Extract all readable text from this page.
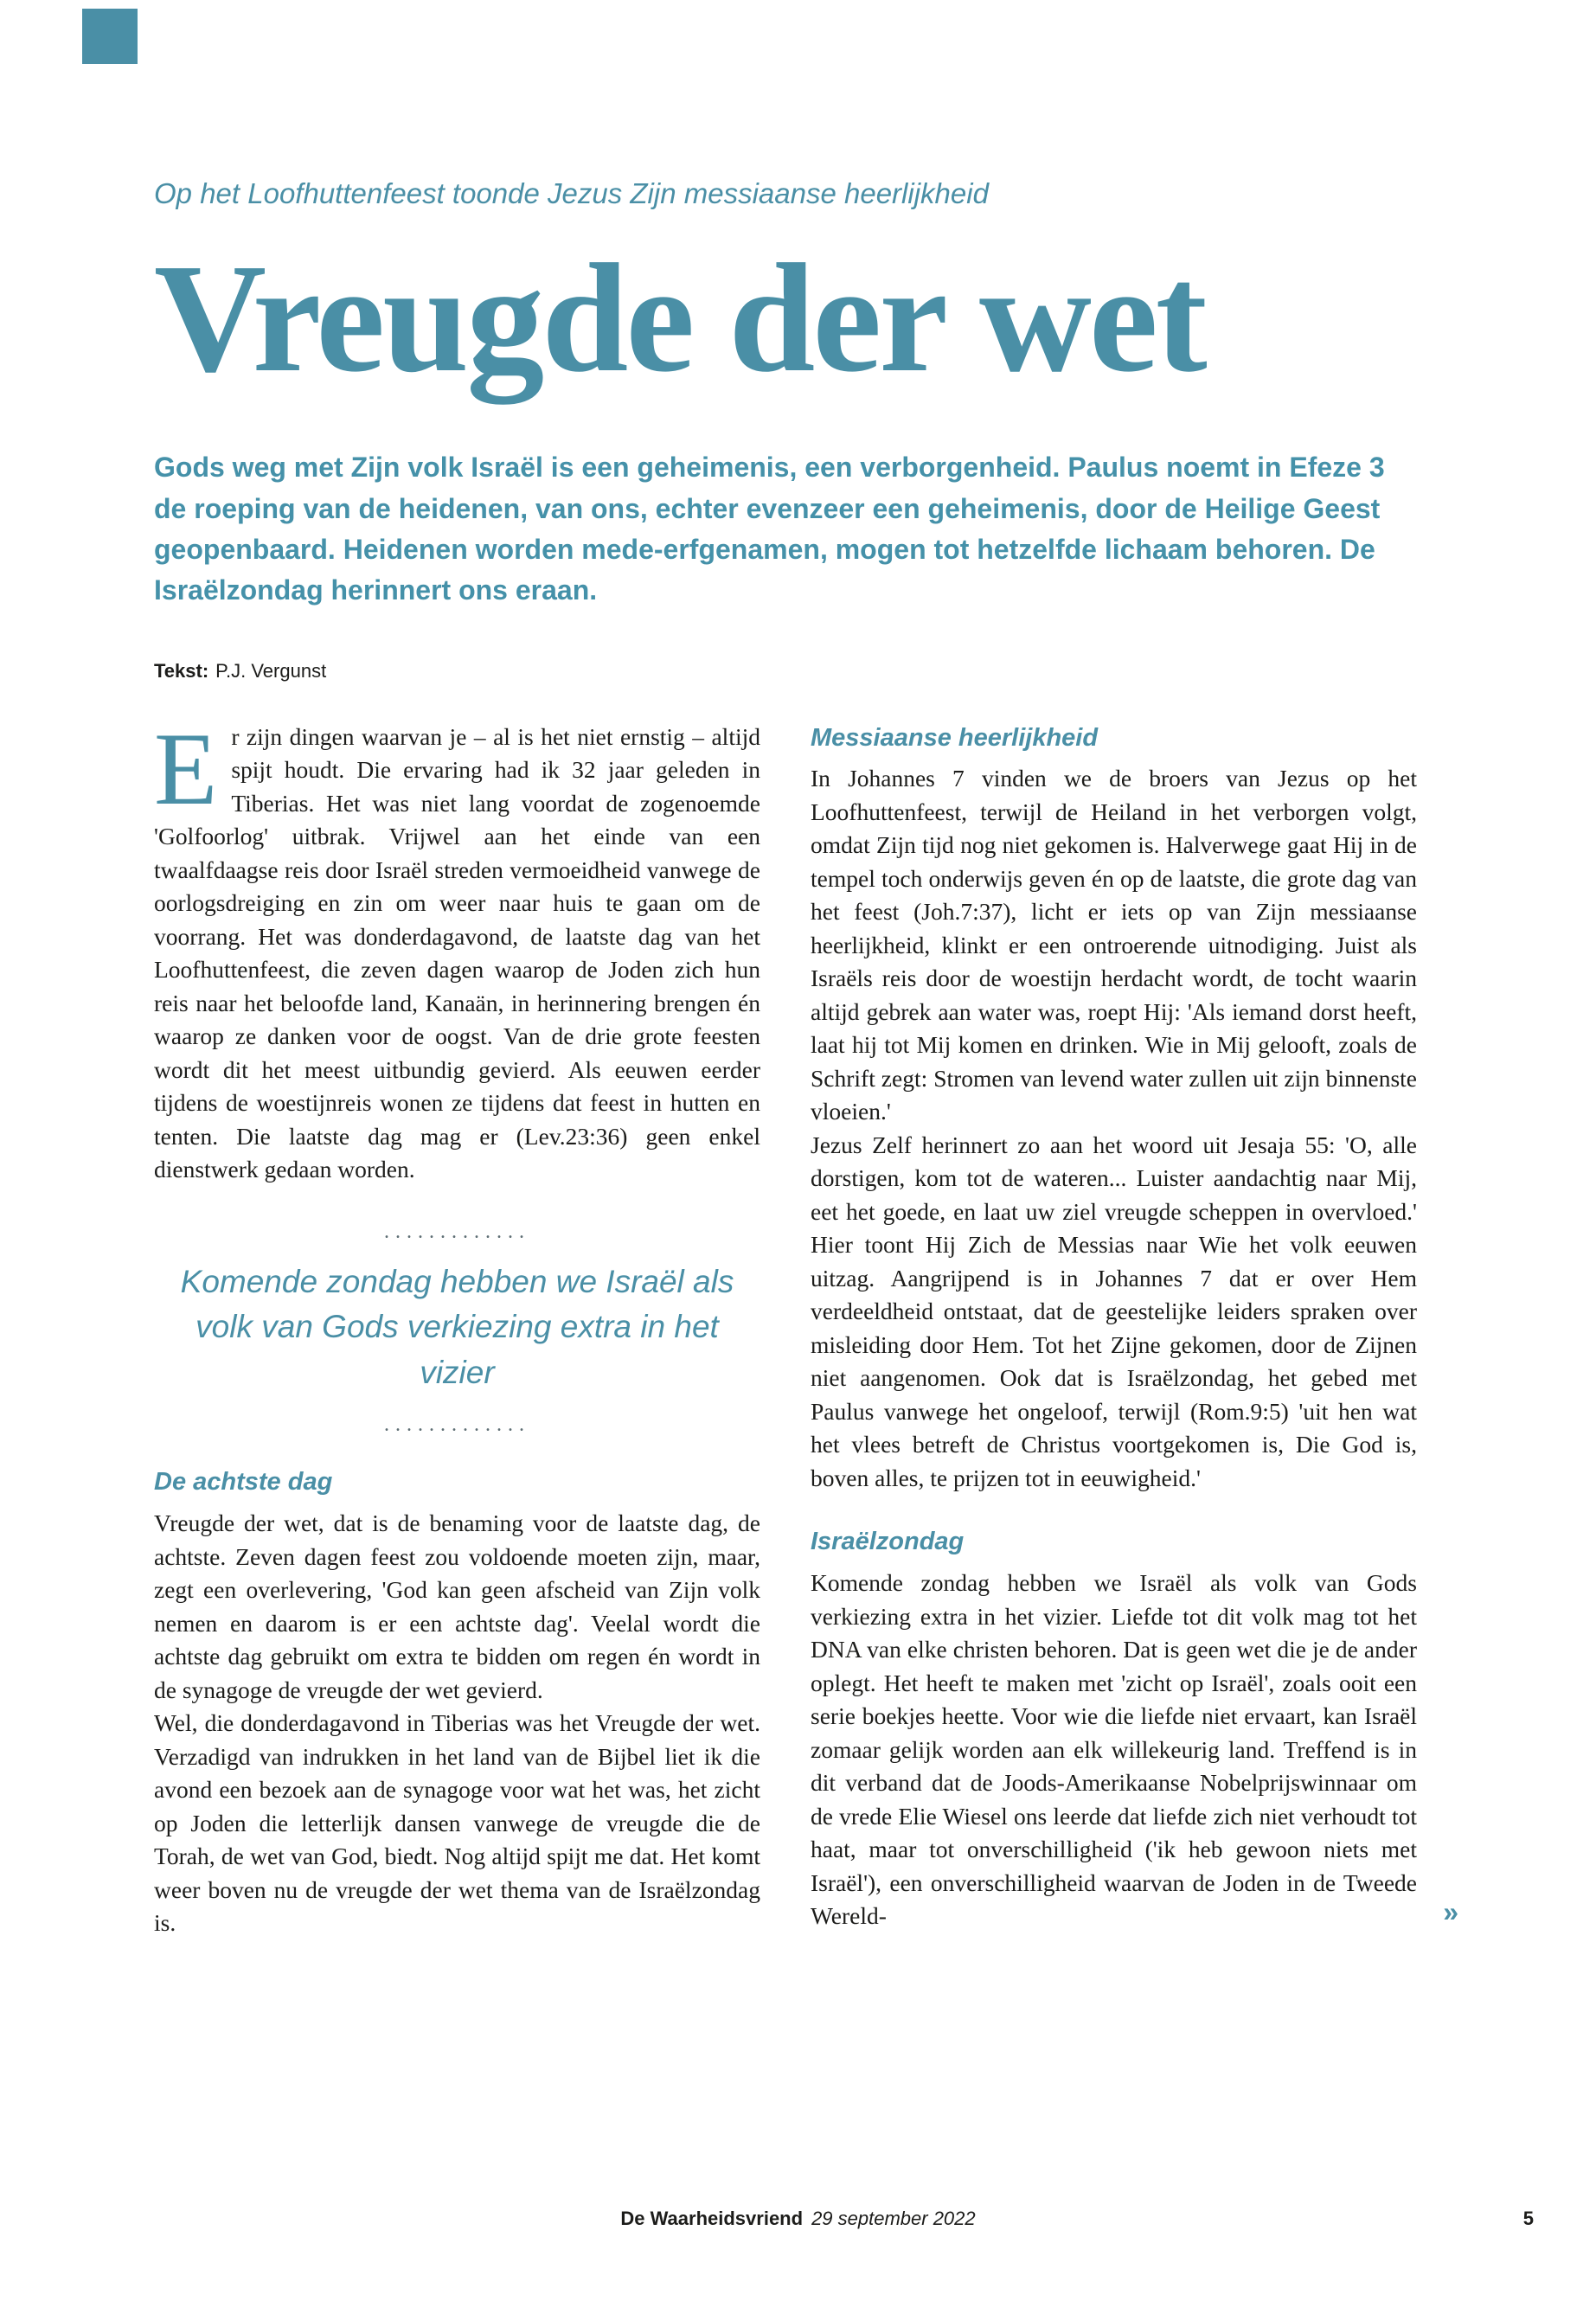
Op het Loofhuttenfeest toonde Jezus Zijn messiaanse heerlijkheid
Vreugde der wet

Gods weg met Zijn volk Israël is een geheimenis, een verborgenheid. Paulus noemt in Efeze 3 de roeping van de heidenen, van ons, echter evenzeer een geheimenis, door de Heilige Geest geopenbaard. Heidenen worden mede-erfgenamen, mogen tot hetzelfde lichaam behoren. De Israëlzondag herinnert ons eraan.

Tekst: P.J. Vergunst

Er zijn dingen waarvan je – al is het niet ernstig – altijd spijt houdt. Die ervaring had ik 32 jaar geleden in Tiberias. Het was niet lang voordat de zogenoemde 'Golfoorlog' uitbrak. Vrijwel aan het einde van een twaalfdaagse reis door Israël streden vermoeidheid vanwege de oorlogsdreiging en zin om weer naar huis te gaan om de voorrang. Het was donderdagavond, de laatste dag van het Loofhuttenfeest, die zeven dagen waarop de Joden zich hun reis naar het beloofde land, Kanaän, in herinnering brengen én waarop ze danken voor de oogst. Van de drie grote feesten wordt dit het meest uitbundig gevierd. Als eeuwen eerder tijdens de woestijnreis wonen ze tijdens dat feest in hutten en tenten. Die laatste dag mag er (Lev.23:36) geen enkel dienstwerk gedaan worden.

.............
Komende zondag hebben we Israël als volk van Gods verkiezing extra in het vizier
.............
De achtste dag

Vreugde der wet, dat is de benaming voor de laatste dag, de achtste. Zeven dagen feest zou voldoende moeten zijn, maar, zegt een overlevering, 'God kan geen afscheid van Zijn volk nemen en daarom is er een achtste dag'. Veelal wordt die achtste dag gebruikt om extra te bidden om regen én wordt in de synagoge de vreugde der wet gevierd.

Wel, die donderdagavond in Tiberias was het Vreugde der wet. Verzadigd van indrukken in het land van de Bijbel liet ik die avond een bezoek aan de synagoge voor wat het was, het zicht op Joden die letterlijk dansen vanwege de vreugde die de Torah, de wet van God, biedt. Nog altijd spijt me dat. Het komt weer boven nu de vreugde der wet thema van de Israëlzondag is.

Messiaanse heerlijkheid

In Johannes 7 vinden we de broers van Jezus op het Loofhuttenfeest, terwijl de Heiland in het verborgen volgt, omdat Zijn tijd nog niet gekomen is. Halverwege gaat Hij in de tempel toch onderwijs geven én op de laatste, die grote dag van het feest (Joh.7:37), licht er iets op van Zijn messiaanse heerlijkheid, klinkt er een ontroerende uitnodiging. Juist als Israëls reis door de woestijn herdacht wordt, de tocht waarin altijd gebrek aan water was, roept Hij: 'Als iemand dorst heeft, laat hij tot Mij komen en drinken. Wie in Mij gelooft, zoals de Schrift zegt: Stromen van levend water zullen uit zijn binnenste vloeien.'

Jezus Zelf herinnert zo aan het woord uit Jesaja 55: 'O, alle dorstigen, kom tot de wateren... Luister aandachtig naar Mij, eet het goede, en laat uw ziel vreugde scheppen in overvloed.' Hier toont Hij Zich de Messias naar Wie het volk eeuwen uitzag. Aangrijpend is in Johannes 7 dat er over Hem verdeeldheid ontstaat, dat de geestelijke leiders spraken over misleiding door Hem. Tot het Zijne gekomen, door de Zijnen niet aangenomen. Ook dat is Israëlzondag, het gebed met Paulus vanwege het ongeloof, terwijl (Rom.9:5) 'uit hen wat het vlees betreft de Christus voortgekomen is, Die God is, boven alles, te prijzen tot in eeuwigheid.'

Israëlzondag

Komende zondag hebben we Israël als volk van Gods verkiezing extra in het vizier. Liefde tot dit volk mag tot het DNA van elke christen behoren. Dat is geen wet die je de ander oplegt. Het heeft te maken met 'zicht op Israël', zoals ooit een serie boekjes heette. Voor wie die liefde niet ervaart, kan Israël zomaar gelijk worden aan elk willekeurig land. Treffend is in dit verband dat de Joods-Amerikaanse Nobelprijswinnaar om de vrede Elie Wiesel ons leerde dat liefde zich niet verhoudt tot haat, maar tot onverschilligheid ('ik heb gewoon niets met Israël'), een onverschilligheid waarvan de Joden in de Tweede Wereld-	»

De Waarheidsvriend 29 september 2022	5
